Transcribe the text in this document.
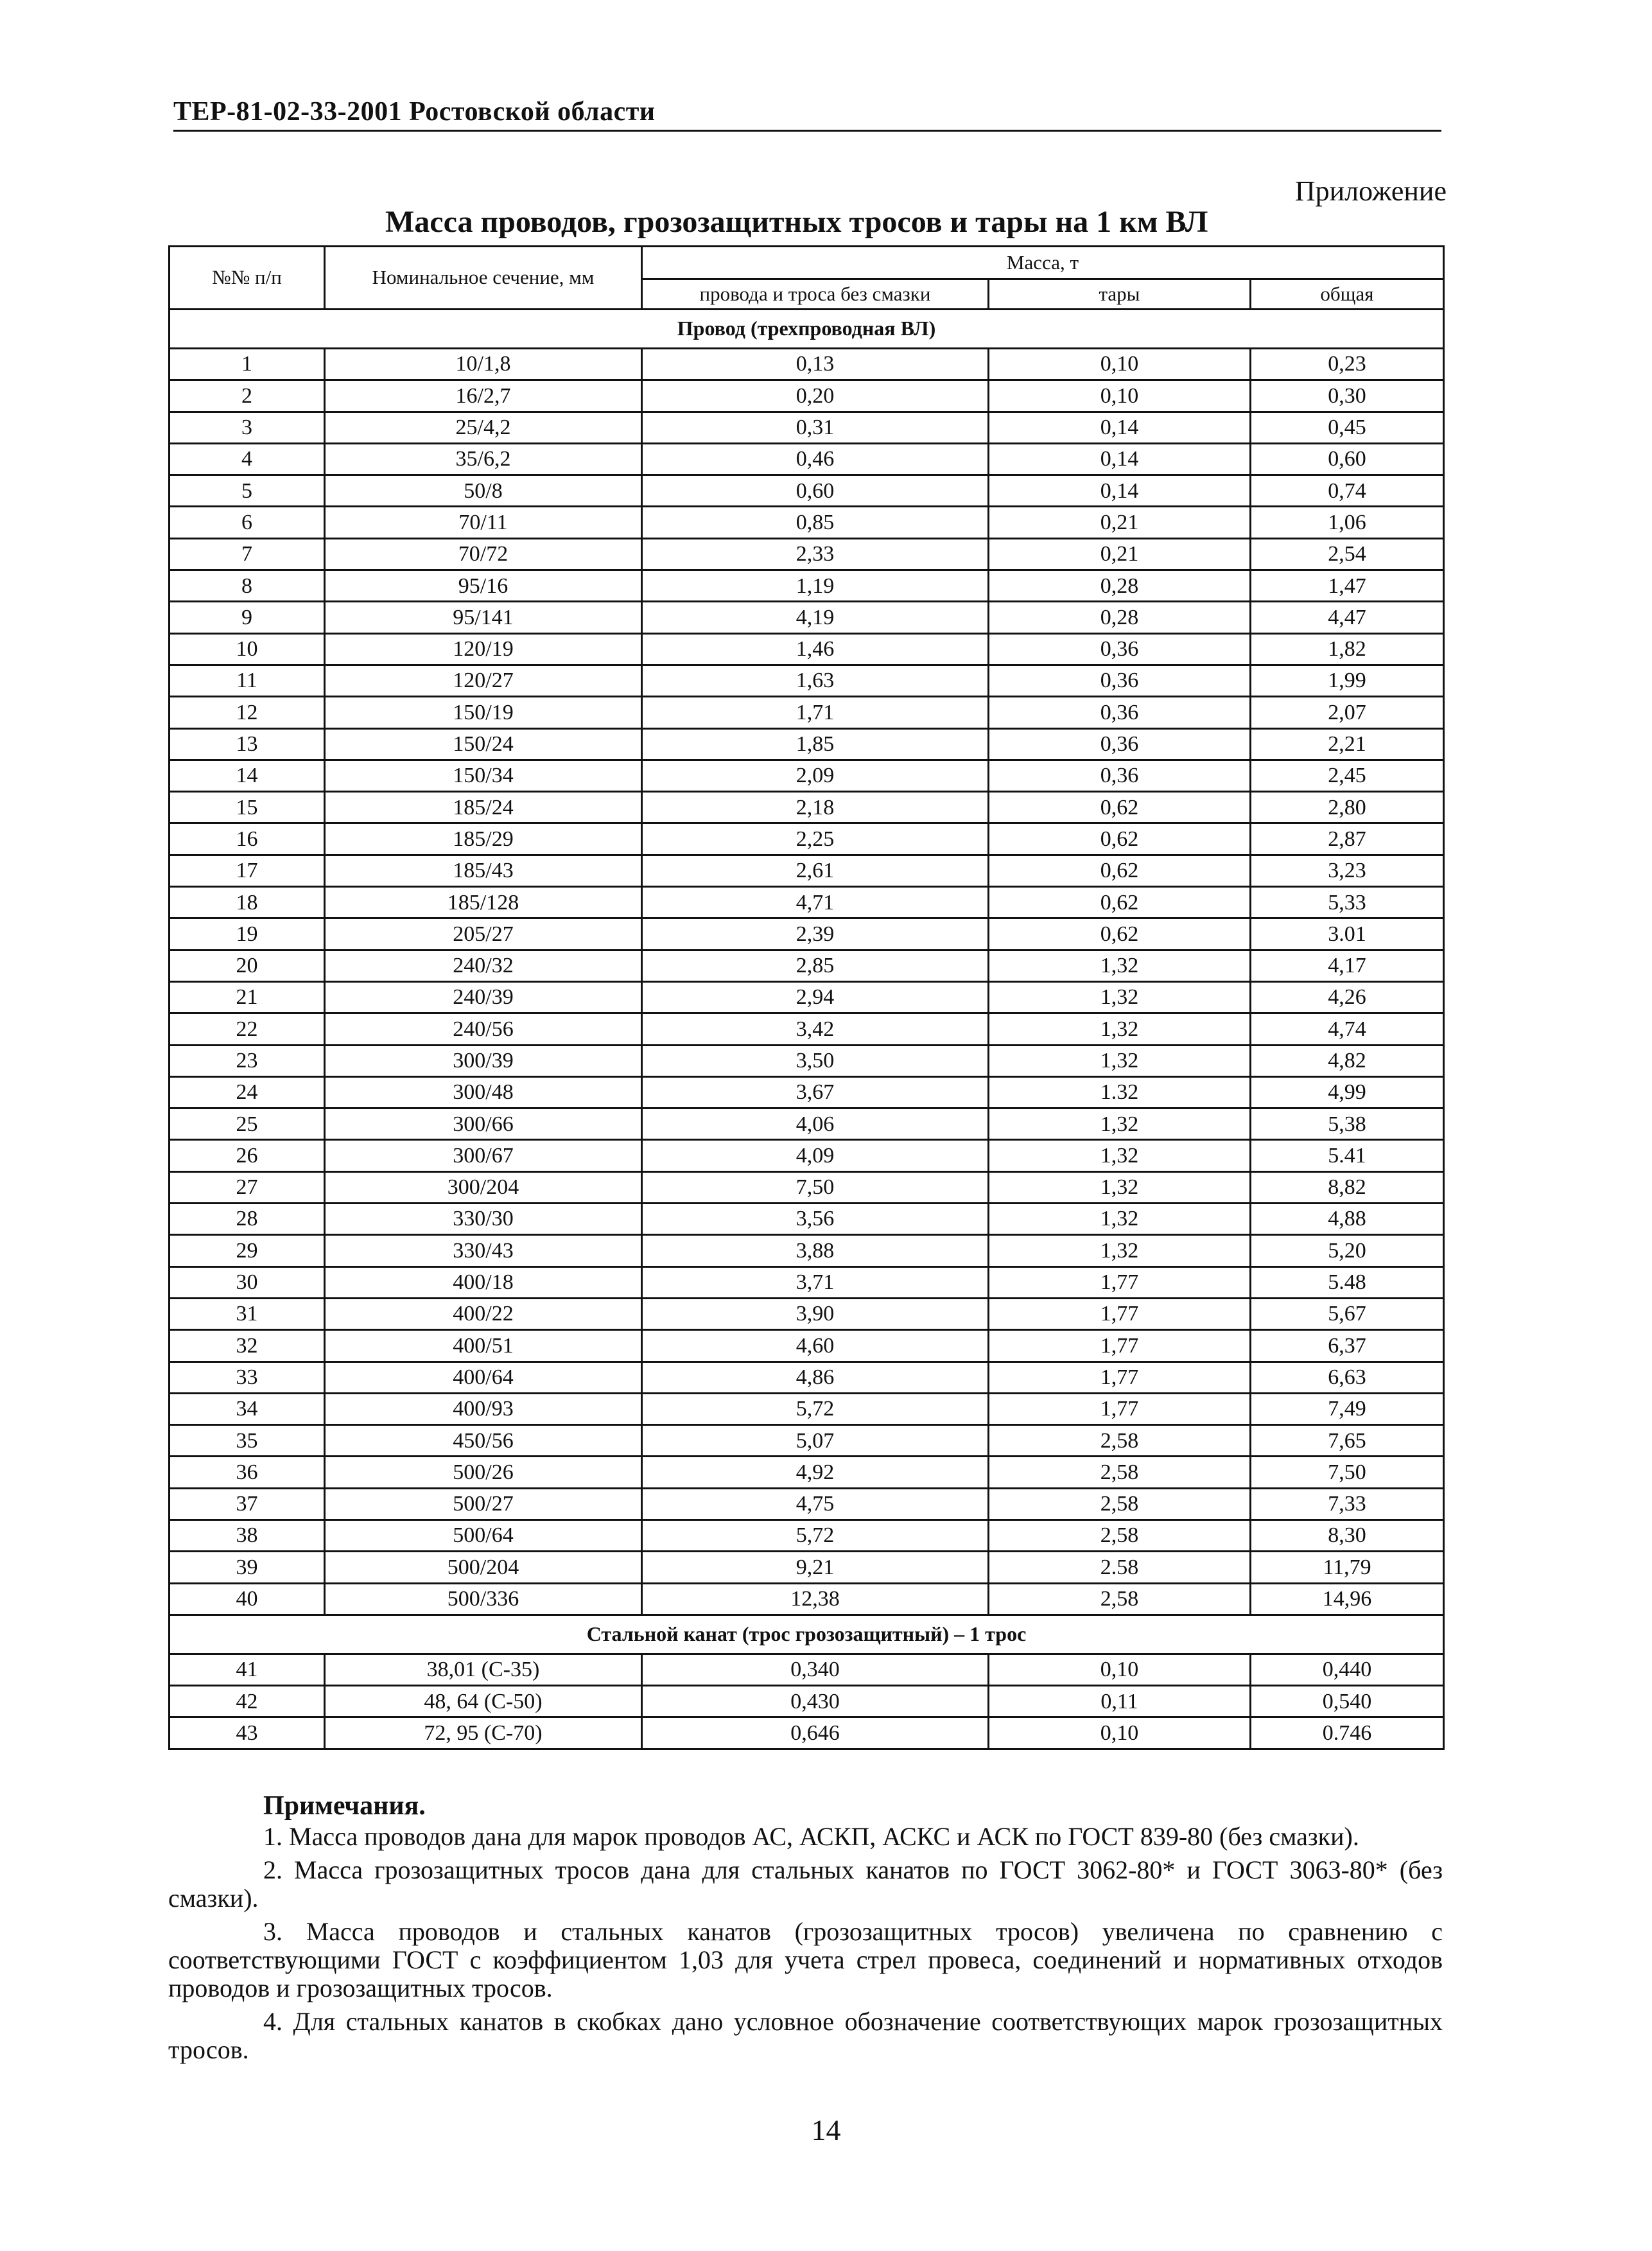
ТЕР-81-02-33-2001 Ростовской области
Приложение
Масса проводов, грозозащитных тросов и тары на 1 км ВЛ
№№ п/п	Номинальное сечение, мм	Масса, т		
		провода и троса без смазки	тары	общая
Провод (трехпроводная ВЛ)				
1	10/1,8	0,13	0,10	0,23
2	16/2,7	0,20	0,10	0,30
3	25/4,2	0,31	0,14	0,45
4	35/6,2	0,46	0,14	0,60
5	50/8	0,60	0,14	0,74
6	70/11	0,85	0,21	1,06
7	70/72	2,33	0,21	2,54
8	95/16	1,19	0,28	1,47
9	95/141	4,19	0,28	4,47
10	120/19	1,46	0,36	1,82
11	120/27	1,63	0,36	1,99
12	150/19	1,71	0,36	2,07
13	150/24	1,85	0,36	2,21
14	150/34	2,09	0,36	2,45
15	185/24	2,18	0,62	2,80
16	185/29	2,25	0,62	2,87
17	185/43	2,61	0,62	3,23
18	185/128	4,71	0,62	5,33
19	205/27	2,39	0,62	3.01
20	240/32	2,85	1,32	4,17
21	240/39	2,94	1,32	4,26
22	240/56	3,42	1,32	4,74
23	300/39	3,50	1,32	4,82
24	300/48	3,67	1.32	4,99
25	300/66	4,06	1,32	5,38
26	300/67	4,09	1,32	5.41
27	300/204	7,50	1,32	8,82
28	330/30	3,56	1,32	4,88
29	330/43	3,88	1,32	5,20
30	400/18	3,71	1,77	5.48
31	400/22	3,90	1,77	5,67
32	400/51	4,60	1,77	6,37
33	400/64	4,86	1,77	6,63
34	400/93	5,72	1,77	7,49
35	450/56	5,07	2,58	7,65
36	500/26	4,92	2,58	7,50
37	500/27	4,75	2,58	7,33
38	500/64	5,72	2,58	8,30
39	500/204	9,21	2.58	11,79
40	500/336	12,38	2,58	14,96
Стальной канат (трос грозозащитный) – 1 трос				
41	38,01 (С-35)	0,340	0,10	0,440
42	48, 64 (С-50)	0,430	0,11	0,540
43	72, 95 (С-70)	0,646	0,10	0.746
Примечания.

1. Масса проводов дана для марок проводов АС, АСКП, АСКС и АСК по ГОСТ 839-80 (без смазки).

2. Масса грозозащитных тросов дана для стальных канатов по ГОСТ 3062-80* и ГОСТ 3063-80* (без смазки).

3. Масса проводов и стальных канатов (грозозащитных тросов) увеличена по сравнению с соответствующими ГОСТ с коэффициентом 1,03 для учета стрел провеса, соединений и нормативных отходов проводов и грозозащитных тросов.

4. Для стальных канатов в скобках дано условное обозначение соответствующих марок грозозащитных тросов.

14
